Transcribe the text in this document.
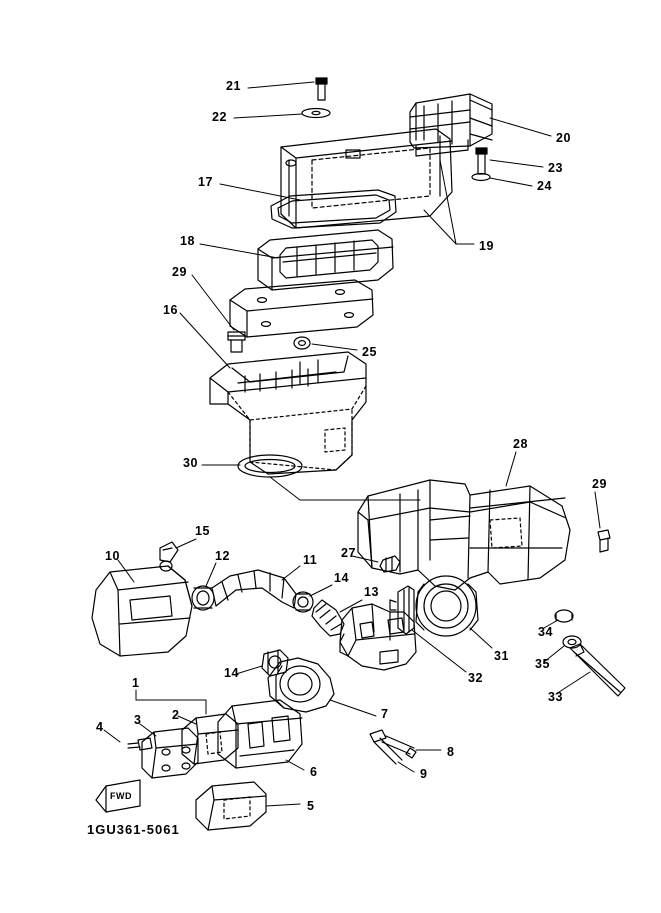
21
22
20
23
24
17
19
18
29
16
25
28
30
29
15
10	12	11 27
14
13
34
31
35
14	32
33
1
2
3
4
7
8
9
6
5
FWD
1GU361-5061
